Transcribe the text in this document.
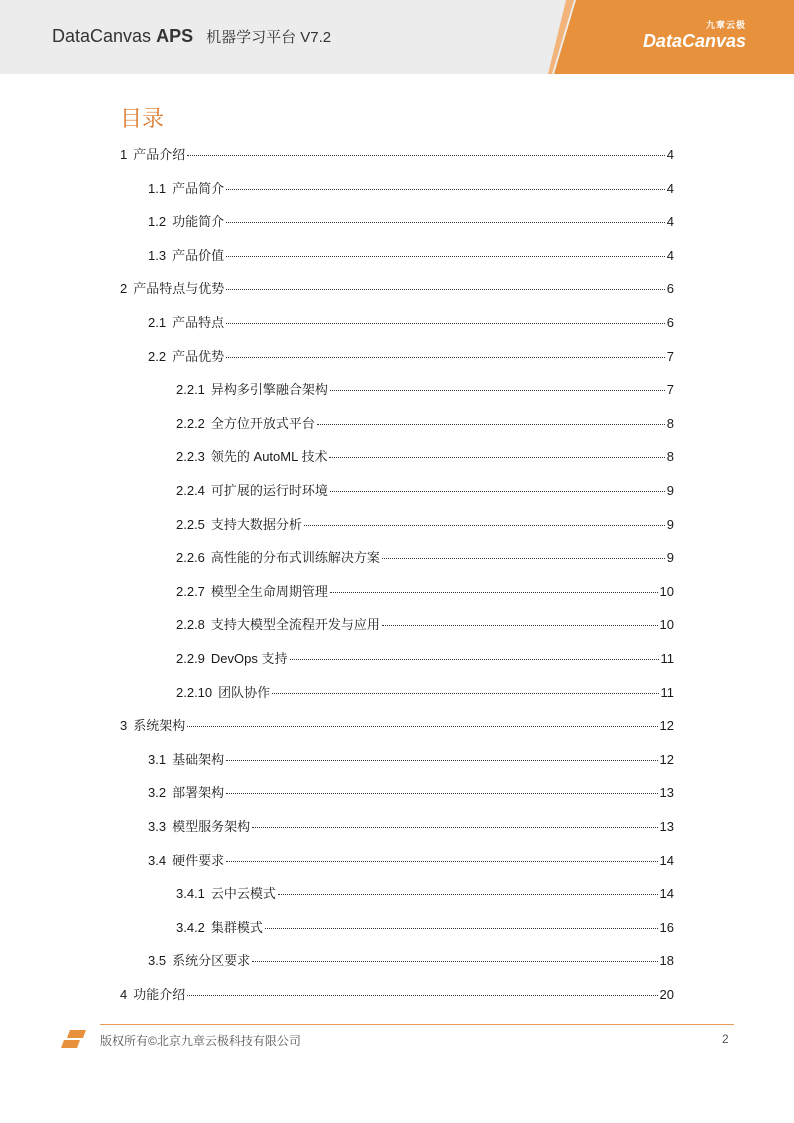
DataCanvas APS 机器学习平台 V7.2
九章云极
DataCanvas
目录
1 产品介绍	4
1.1 产品简介	4
1.2 功能简介	4
1.3 产品价值	4
2 产品特点与优势	6
2.1 产品特点	6
2.2 产品优势	7
2.2.1 异构多引擎融合架构	7
2.2.2 全方位开放式平台	8
2.2.3 领先的 AutoML 技术	8
2.2.4 可扩展的运行时环境	9
2.2.5 支持大数据分析	9
2.2.6 高性能的分布式训练解决方案	9
2.2.7 模型全生命周期管理	10
2.2.8 支持大模型全流程开发与应用	10
2.2.9 DevOps 支持	11
2.2.10 团队协作	11
3 系统架构	12
3.1 基础架构	12
3.2 部署架构	13
3.3 模型服务架构	13
3.4 硬件要求	14
3.4.1 云中云模式	14
3.4.2 集群模式	16
3.5 系统分区要求	18
4 功能介绍	20
版权所有©北京九章云极科技有限公司	2
